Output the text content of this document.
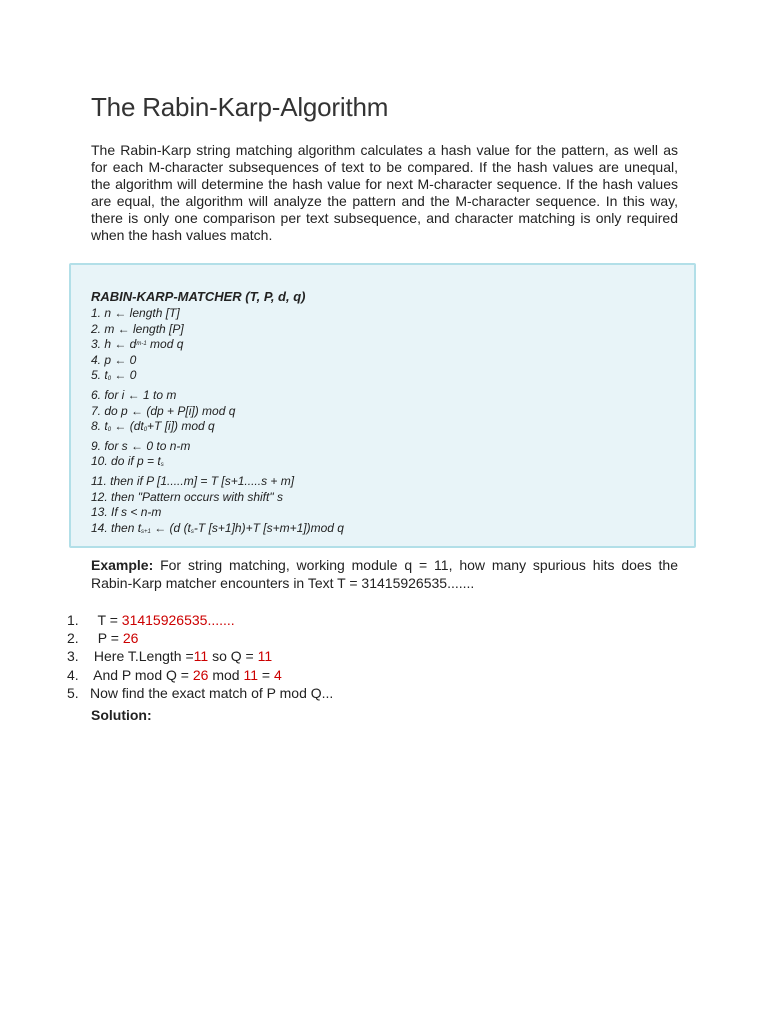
The Rabin-Karp-Algorithm

The Rabin-Karp string matching algorithm calculates a hash value for the pattern, as well as for each M-character subsequences of text to be compared. If the hash values are unequal, the algorithm will determine the hash value for next M-character sequence. If the hash values are equal, the algorithm will analyze the pattern and the M-character sequence. In this way, there is only one comparison per text subsequence, and character matching is only required when the hash values match.

RABIN-KARP-MATCHER (T, P, d, q)
1. n ← length [T]
2. m ← length [P]
3. h ← $d^{m-1}$ mod q
4. p ← 0
5. $t_0$ ← 0
6. for i ← 1 to m
7. do p ← (dp + P[i]) mod q
8. $t_0$ ← ($dt_0+T$ [i]) mod q
9. for s ← 0 to n-m
10. do if $p = t_s$
11. then if P [1.....m] = T [s+1.....s + m]
12. then "Pattern occurs with shift" s
13. If s < n-m
14. then $t_{s+1}$ ← (d ($t_s-T$ [s+1]h)+T [s+m+1])mod q

Example: For string matching, working module q = 11, how many spurious hits does the Rabin-Karp matcher encounters in Text T = 31415926535.......

1. T = 31415926535.......
2. P = 26
3. Here T.Length =11 so Q = 11
4. And P mod Q = 26 mod 11 = 4
5. Now find the exact match of P mod Q...

Solution:
